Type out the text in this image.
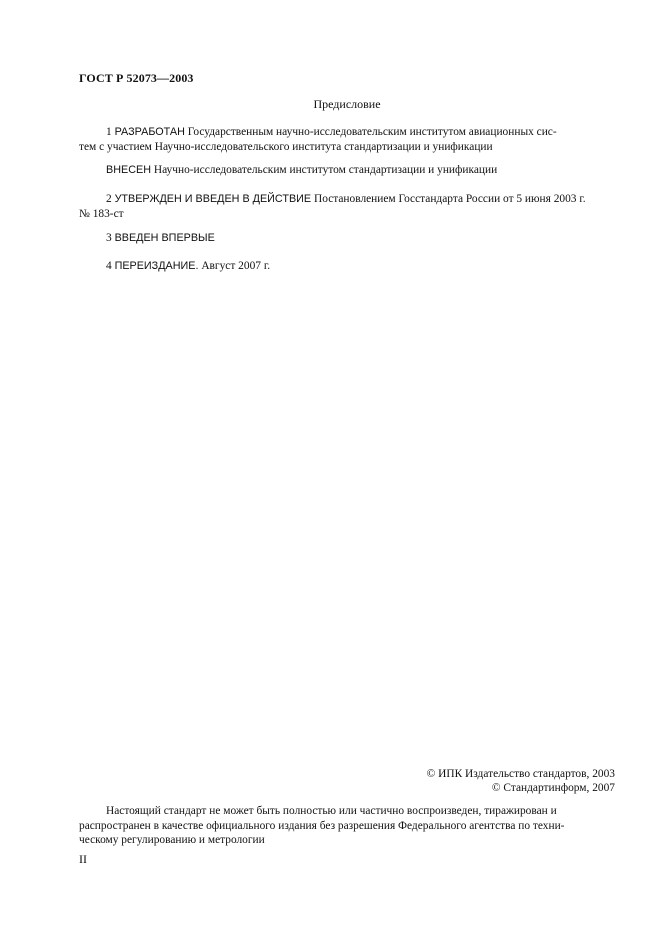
ГОСТ Р 52073—2003
Предисловие
1 РАЗРАБОТАН Государственным научно-исследовательским институтом авиационных сис-
тем с участием Научно-исследовательского института стандартизации и унификации
ВНЕСЕН Научно-исследовательским институтом стандартизации и унификации
2 УТВЕРЖДЕН И ВВЕДЕН В ДЕЙСТВИЕ Постановлением Госстандарта России от 5 июня 2003 г.
№ 183-ст
3 ВВЕДЕН ВПЕРВЫЕ
4 ПЕРЕИЗДАНИЕ. Август 2007 г.
© ИПК Издательство стандартов, 2003
© Стандартинформ, 2007
Настоящий стандарт не может быть полностью или частично воспроизведен, тиражирован и
распространен в качестве официального издания без разрешения Федерального агентства по техни-
ческому регулированию и метрологии
II
